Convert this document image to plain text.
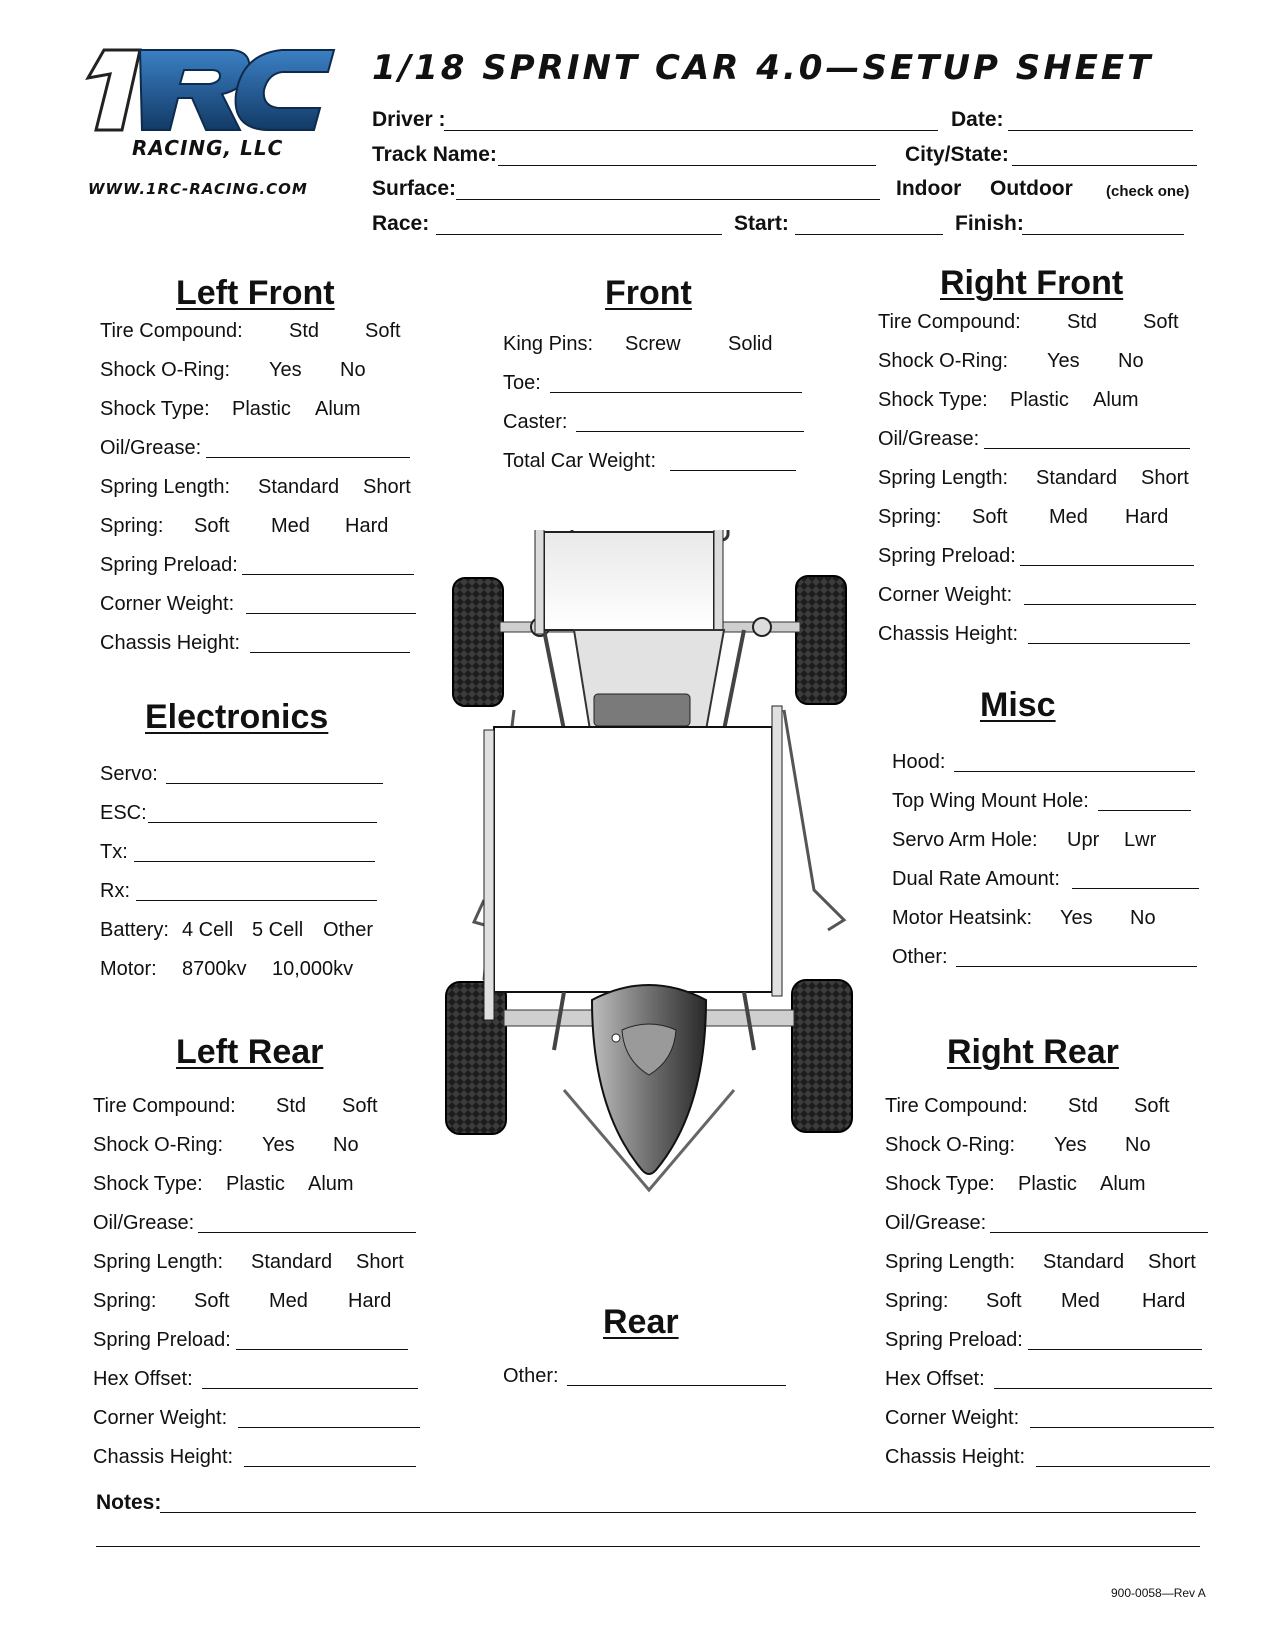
RACING, LLC
WWW.1RC-RACING.COM
1/18 SPRINT CAR 4.0—SETUP SHEET
Driver :	Date:
Track Name:	City/State:
Surface:	Indoor Outdoor (check one)
Race:	Start:	Finish:
Left Front
Tire Compound: Std Soft
Shock O-Ring: Yes No
Shock Type: Plastic Alum
Oil/Grease:
Spring Length: Standard Short
Spring: Soft Med Hard
Spring Preload:
Corner Weight:
Chassis Height:
Front
King Pins: Screw Solid
Toe:
Caster:
Total Car Weight:
Right Front
Tire Compound: Std Soft
Shock O-Ring: Yes No
Shock Type: Plastic Alum
Oil/Grease:
Spring Length: Standard Short
Spring: Soft Med Hard
Spring Preload:
Corner Weight:
Chassis Height:
Electronics
Servo:
ESC:
Tx:
Rx:
Battery: 4 Cell 5 Cell Other
Motor: 8700kv 10,000kv
Misc
Hood:
Top Wing Mount Hole:
Servo Arm Hole: Upr Lwr
Dual Rate Amount:
Motor Heatsink: Yes No
Other:
Left Rear
Tire Compound: Std Soft
Shock O-Ring: Yes No
Shock Type: Plastic Alum
Oil/Grease:
Spring Length: Standard Short
Spring: Soft Med Hard
Spring Preload:
Hex Offset:
Corner Weight:
Chassis Height:
Rear
Other:
Right Rear
Tire Compound: Std Soft
Shock O-Ring: Yes No
Shock Type: Plastic Alum
Oil/Grease:
Spring Length: Standard Short
Spring: Soft Med Hard
Spring Preload:
Hex Offset:
Corner Weight:
Chassis Height:
Notes:
900-0058—Rev A
